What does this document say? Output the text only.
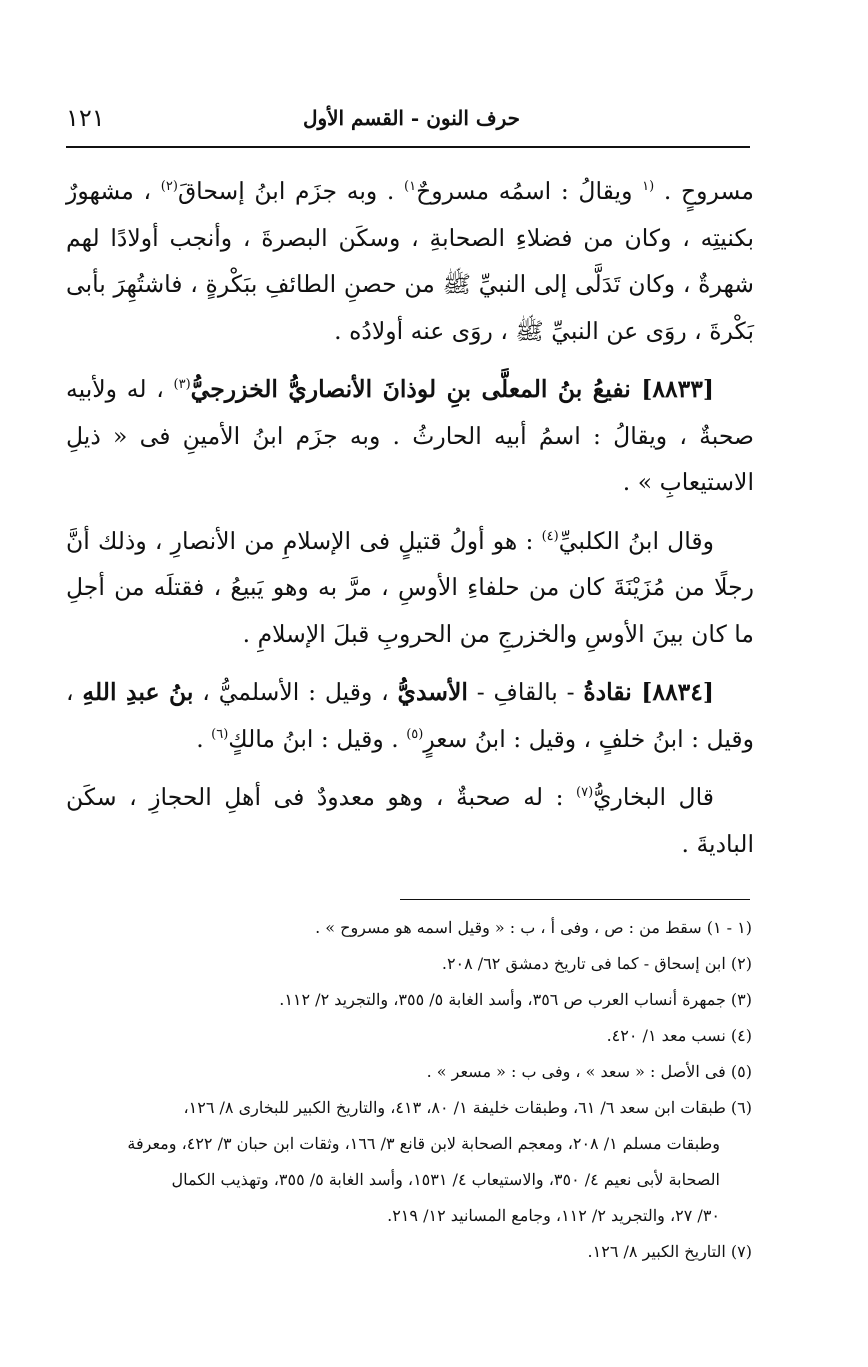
حرف النون - القسم الأول
١٢١

مسروحٍ . $^{(١}$ ويقالُ : اسمُه مسروحٌ$^{١)}$ . وبه جزَم ابنُ إسحاقَ$^{(٢)}$ ، مشهورٌ بكنيتِه ، وكان من فضلاءِ الصحابةِ ، وسكَن البصرةَ ، وأنجب أولادًا لهم شهرةٌ ، وكان تَدَلَّى إلى النبيِّ ﷺ من حصنِ الطائفِ ببَكْرةٍ ، فاشتُهِرَ بأبى بَكْرةَ ، روَى عن النبيِّ ﷺ ، روَى عنه أولادُه .

[٨٨٣٣] نفيعُ بنُ المعلَّى بنِ لوذانَ الأنصاريُّ الخزرجيُّ$^{(٣)}$ ، له ولأبيه صحبةٌ ، ويقالُ : اسمُ أبيه الحارثُ . وبه جزَم ابنُ الأمينِ فى « ذيلِ الاستيعابِ » .

وقال ابنُ الكلبيِّ$^{(٤)}$ : هو أولُ قتيلٍ فى الإسلامِ من الأنصارِ ، وذلك أنَّ رجلًا من مُزَيْنَةَ كان من حلفاءِ الأوسِ ، مرَّ به وهو يَبيعُ ، فقتلَه من أجلِ ما كان بينَ الأوسِ والخزرجِ من الحروبِ قبلَ الإسلامِ .

[٨٨٣٤] نقادةُ - بالقافِ - الأسديُّ ، وقيل : الأسلميُّ ، بنُ عبدِ اللهِ ، وقيل : ابنُ خلفٍ ، وقيل : ابنُ سعرٍ$^{(٥)}$ . وقيل : ابنُ مالكٍ$^{(٦)}$ .

قال البخاريُّ$^{(٧)}$ : له صحبةٌ ، وهو معدودٌ فى أهلِ الحجازِ ، سكَن الباديةَ .

(١ - ١) سقط من : ص ، وفى أ ، ب : « وقيل اسمه هو مسروح » .

(٢) ابن إسحاق - كما فى تاريخ دمشق ٦٢/ ٢٠٨.

(٣) جمهرة أنساب العرب ص ٣٥٦، وأسد الغابة ٥/ ٣٥٥، والتجريد ٢/ ١١٢.

(٤) نسب معد ١/ ٤٢٠.

(٥) فى الأصل : « سعد » ، وفى ب : « مسعر » .

(٦) طبقات ابن سعد ٦/ ٦١، وطبقات خليفة ١/ ٨٠، ٤١٣، والتاريخ الكبير للبخارى ٨/ ١٢٦،

وطبقات مسلم ١/ ٢٠٨، ومعجم الصحابة لابن قانع ٣/ ١٦٦، وثقات ابن حبان ٣/ ٤٢٢، ومعرفة

الصحابة لأبى نعيم ٤/ ٣٥٠، والاستيعاب ٤/ ١٥٣١، وأسد الغابة ٥/ ٣٥٥، وتهذيب الكمال

٣٠/ ٢٧، والتجريد ٢/ ١١٢، وجامع المسانيد ١٢/ ٢١٩.

(٧) التاريخ الكبير ٨/ ١٢٦.
